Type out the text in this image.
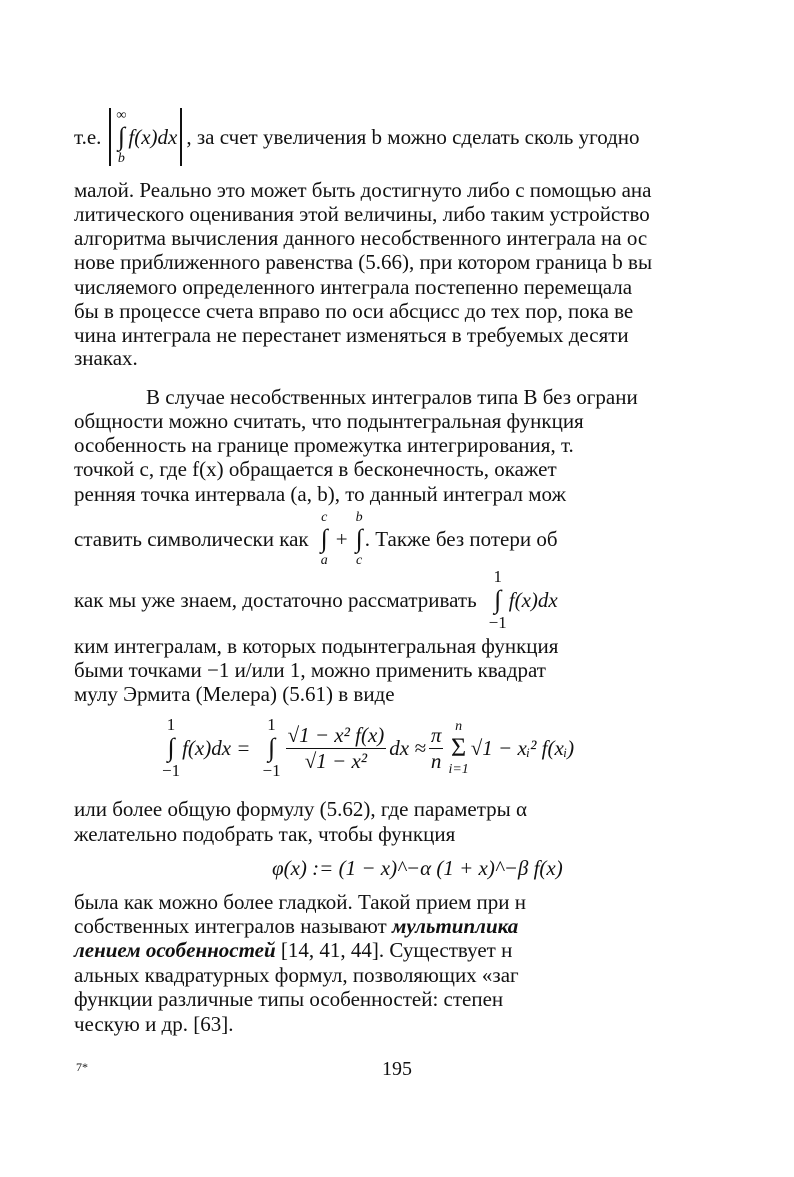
т.е.
∞
∫
b
f(x)dx , за счет увеличения b можно сделать сколь угодно
малой. Реально это может быть достигнуто либо с помощью ана
литического оценивания этой величины, либо таким устройство
алгоритма вычисления данного несобственного интеграла на ос
нове приближенного равенства (5.66), при котором граница b вы
числяемого определенного интеграла постепенно перемещала
бы в процессе счета вправо по оси абсцисс до тех пор, пока ве
чина интеграла не перестанет изменяться в требуемых десяти
знаках.
В случае несобственных интегралов типа В без ограни
общности можно считать, что подынтегральная функция
особенность на границе промежутка интегрирования, т.
точкой c, где f(x) обращается в бесконечность, окажет
ренняя точка интервала (a, b), то данный интеграл мож
ставить символически как
c
∫
a
+
b
∫
c
. Также без потери об
как мы уже знаем, достаточно рассматривать
1
∫
−1
f(x)dx
ким интегралам, в которых подынтегральная функция
быми точками −1 и/или 1, можно применить квадрат
мулу Эрмита (Мелера) (5.61) в виде
1
∫
−1
f(x)dx =
1
∫
$-1 \frac{\text{√1 − x² f(x)}}{\text{√1 − x²}}$ dx ≈ $\frac{\pi}{n}$ n
Σ
i=1
√1 − xᵢ² f(xᵢ)
или более общую формулу (5.62), где параметры α
желательно подобрать так, чтобы функция
φ(x) := (1 − x)^−α (1 + x)^−β f(x)
была как можно более гладкой. Такой прием при н
собственных интегралов называют мультиплика
лением особенностей [14, 41, 44]. Существует н
альных квадратурных формул, позволяющих «заг
функции различные типы особенностей: степен
ческую и др. [63].
7*	195
